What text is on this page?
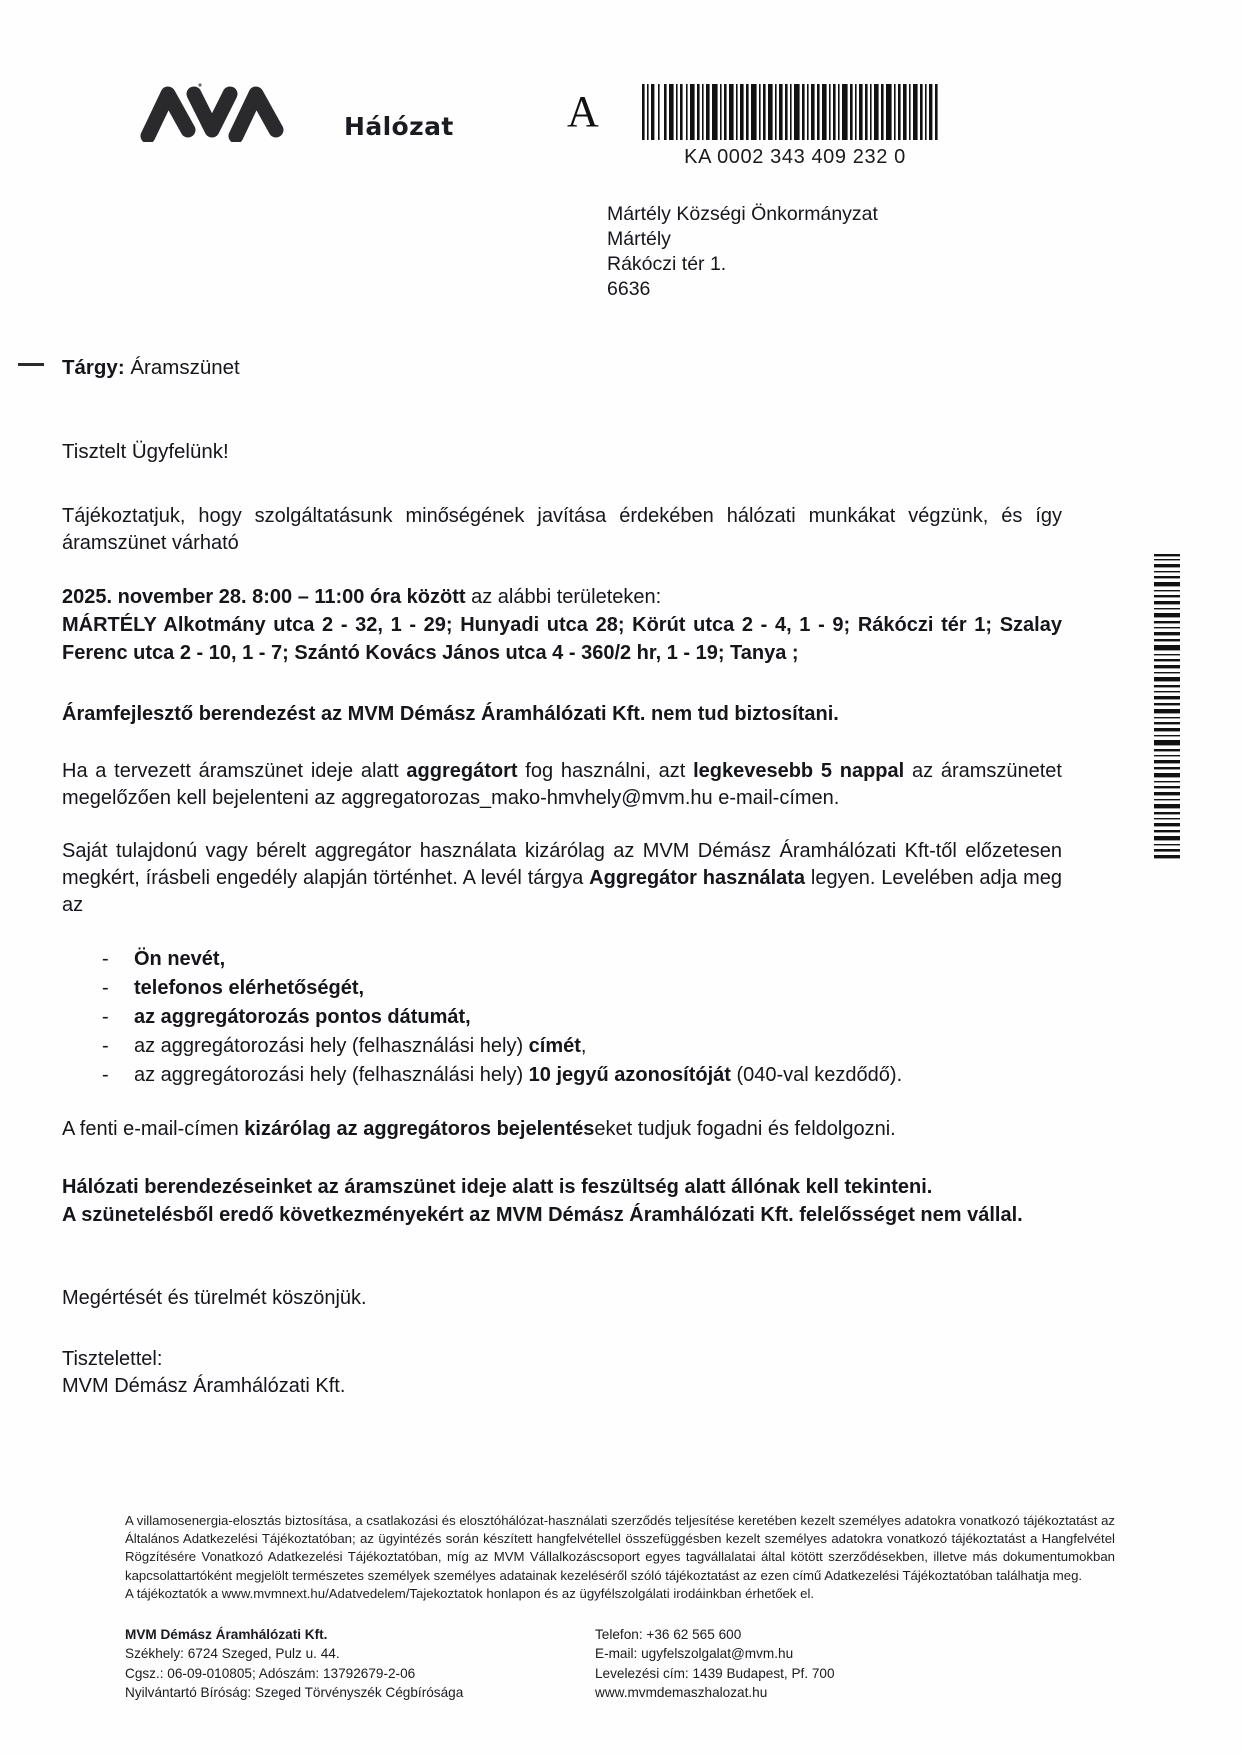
Hálózat	A
KA 0002 343 409 232 0
Mártély Községi Önkormányzat
Mártély
Rákóczi tér 1.
6636
Tárgy: Áramszünet
Tisztelt Ügyfelünk!

Tájékoztatjuk, hogy szolgáltatásunk minőségének javítása érdekében hálózati munkákat végzünk, és így áramszünet várható

2025. november 28. 8:00 – 11:00 óra között az alábbi területeken:
MÁRTÉLY Alkotmány utca 2 - 32, 1 - 29; Hunyadi utca 28; Körút utca 2 - 4, 1 - 9; Rákóczi tér 1; Szalay Ferenc utca 2 - 10, 1 - 7; Szántó Kovács János utca 4 - 360/2 hr, 1 - 19; Tanya ;

Áramfejlesztő berendezést az MVM Démász Áramhálózati Kft. nem tud biztosítani.

Ha a tervezett áramszünet ideje alatt aggregátort fog használni, azt legkevesebb 5 nappal az áramszünetet megelőzően kell bejelenteni az aggregatorozas_mako-hmvhely@mvm.hu e-mail-címen.

Saját tulajdonú vagy bérelt aggregátor használata kizárólag az MVM Démász Áramhálózati Kft-től előzetesen megkért, írásbeli engedély alapján történhet. A levél tárgya Aggregátor használata legyen. Levelében adja meg az

- Ön nevét,
- telefonos elérhetőségét,
- az aggregátorozás pontos dátumát,
- az aggregátorozási hely (felhasználási hely) címét,
- az aggregátorozási hely (felhasználási hely) 10 jegyű azonosítóját (040-val kezdődő).

A fenti e-mail-címen kizárólag az aggregátoros bejelentéseket tudjuk fogadni és feldolgozni.

Hálózati berendezéseinket az áramszünet ideje alatt is feszültség alatt állónak kell tekinteni.
A szünetelésből eredő következményekért az MVM Démász Áramhálózati Kft. felelősséget nem vállal.

Megértését és türelmét köszönjük.

Tisztelettel:
MVM Démász Áramhálózati Kft.

A villamosenergia-elosztás biztosítása, a csatlakozási és elosztóhálózat-használati szerződés teljesítése keretében kezelt személyes adatokra vonatkozó tájékoztatást az Általános Adatkezelési Tájékoztatóban; az ügyintézés során készített hangfelvétellel összefüggésben kezelt személyes adatokra vonatkozó tájékoztatást a Hangfelvétel Rögzítésére Vonatkozó Adatkezelési Tájékoztatóban, míg az MVM Vállalkozáscsoport egyes tagvállalatai által kötött szerződésekben, illetve más dokumentumokban kapcsolattartóként megjelölt természetes személyek személyes adatainak kezeléséről szóló tájékoztatást az ezen című Adatkezelési Tájékoztatóban találhatja meg.

A tájékoztatók a www.mvmnext.hu/Adatvedelem/Tajekoztatok honlapon és az ügyfélszolgálati irodáinkban érhetőek el.

MVM Démász Áramhálózati Kft.

Székhely: 6724 Szeged, Pulz u. 44.

Cgsz.: 06-09-010805; Adószám: 13792679-2-06

Nyilvántartó Bíróság: Szeged Törvényszék Cégbírósága

Telefon: +36 62 565 600

E-mail: ugyfelszolgalat@mvm.hu

Levelezési cím: 1439 Budapest, Pf. 700

www.mvmdemaszhalozat.hu
